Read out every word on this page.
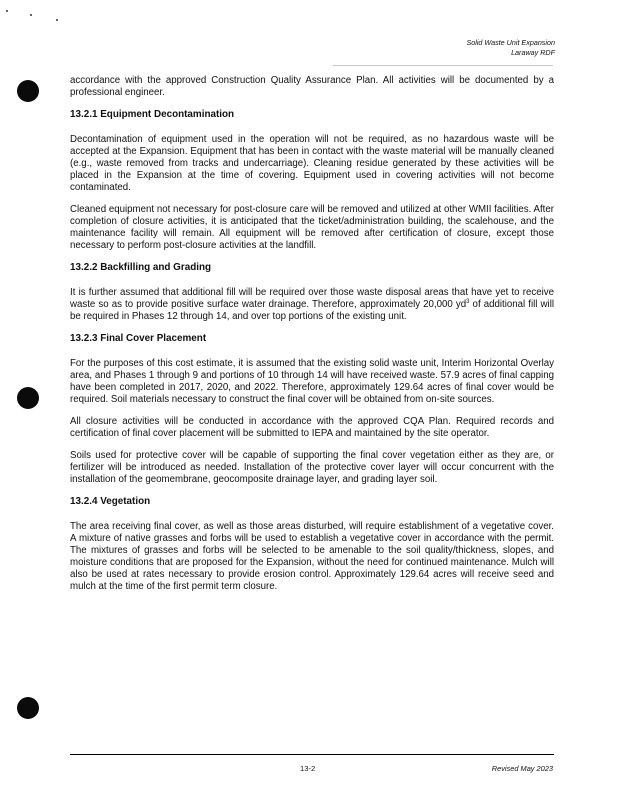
Solid Waste Unit Expansion
Laraway RDF

accordance with the approved Construction Quality Assurance Plan. All activities will be documented by a professional engineer.

13.2.1 Equipment Decontamination

Decontamination of equipment used in the operation will not be required, as no hazardous waste will be accepted at the Expansion. Equipment that has been in contact with the waste material will be manually cleaned (e.g., waste removed from tracks and undercarriage). Cleaning residue generated by these activities will be placed in the Expansion at the time of covering. Equipment used in covering activities will not become contaminated.

Cleaned equipment not necessary for post-closure care will be removed and utilized at other WMII facilities. After completion of closure activities, it is anticipated that the ticket/administration building, the scalehouse, and the maintenance facility will remain. All equipment will be removed after certification of closure, except those necessary to perform post-closure activities at the landfill.

13.2.2 Backfilling and Grading

It is further assumed that additional fill will be required over those waste disposal areas that have yet to receive waste so as to provide positive surface water drainage. Therefore, approximately 20,000 $yd^3$ of additional fill will be required in Phases 12 through 14, and over top portions of the existing unit.

13.2.3 Final Cover Placement

For the purposes of this cost estimate, it is assumed that the existing solid waste unit, Interim Horizontal Overlay area, and Phases 1 through 9 and portions of 10 through 14 will have received waste. 57.9 acres of final capping have been completed in 2017, 2020, and 2022. Therefore, approximately 129.64 acres of final cover would be required. Soil materials necessary to construct the final cover will be obtained from on-site sources.

All closure activities will be conducted in accordance with the approved CQA Plan. Required records and certification of final cover placement will be submitted to IEPA and maintained by the site operator.

Soils used for protective cover will be capable of supporting the final cover vegetation either as they are, or fertilizer will be introduced as needed. Installation of the protective cover layer will occur concurrent with the installation of the geomembrane, geocomposite drainage layer, and grading layer soil.

13.2.4 Vegetation

The area receiving final cover, as well as those areas disturbed, will require establishment of a vegetative cover. A mixture of native grasses and forbs will be used to establish a vegetative cover in accordance with the permit. The mixtures of grasses and forbs will be selected to be amenable to the soil quality/thickness, slopes, and moisture conditions that are proposed for the Expansion, without the need for continued maintenance. Mulch will also be used at rates necessary to provide erosion control. Approximately 129.64 acres will receive seed and mulch at the time of the first permit term closure.

13-2	Revised May 2023
